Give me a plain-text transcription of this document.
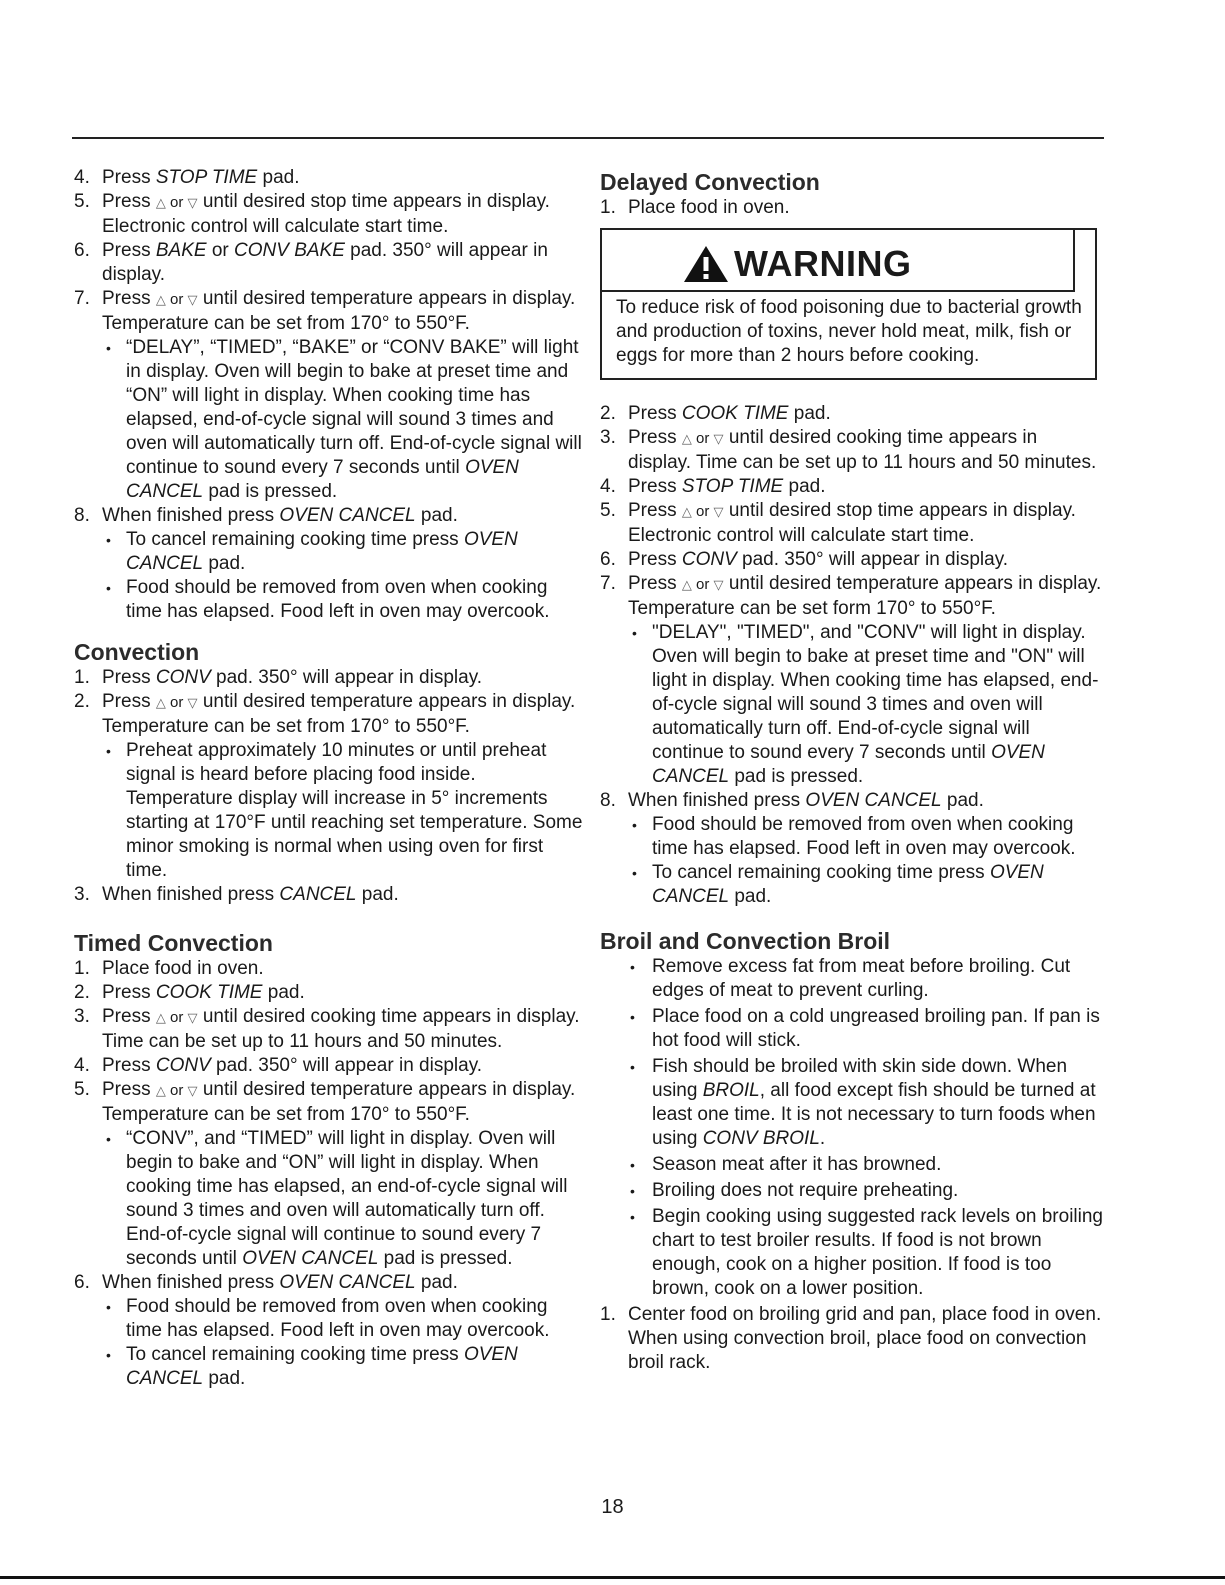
4. Press STOP TIME pad.
5. Press △ or ▽ until desired stop time appears in display. Electronic control will calculate start time.
6. Press BAKE or CONV BAKE pad. 350° will appear in display.
7. Press △ or ▽ until desired temperature appears in display. Temperature can be set from 170° to 550°F.
• “DELAY”, “TIMED”, “BAKE” or “CONV BAKE” will light in display. Oven will begin to bake at preset time and “ON” will light in display. When cooking time has elapsed, end-of-cycle signal will sound 3 times and oven will automatically turn off. End-of-cycle signal will continue to sound every 7 seconds until OVEN CANCEL pad is pressed.
8. When finished press OVEN CANCEL pad.
• To cancel remaining cooking time press OVEN CANCEL pad.
• Food should be removed from oven when cooking time has elapsed. Food left in oven may overcook.
Convection
1. Press CONV pad. 350° will appear in display.
2. Press △ or ▽ until desired temperature appears in display. Temperature can be set from 170° to 550°F.
• Preheat approximately 10 minutes or until preheat signal is heard before placing food inside. Temperature display will increase in 5° increments starting at 170°F until reaching set temperature. Some minor smoking is normal when using oven for first time.
3. When finished press CANCEL pad.
Timed Convection
1. Place food in oven.
2. Press COOK TIME pad.
3. Press △ or ▽ until desired cooking time appears in display. Time can be set up to 11 hours and 50 minutes.
4. Press CONV pad. 350° will appear in display.
5. Press △ or ▽ until desired temperature appears in display. Temperature can be set from 170° to 550°F.
• “CONV”, and “TIMED” will light in display. Oven will begin to bake and “ON” will light in display. When cooking time has elapsed, an end-of-cycle signal will sound 3 times and oven will automatically turn off. End-of-cycle signal will continue to sound every 7 seconds until OVEN CANCEL pad is pressed.
6. When finished press OVEN CANCEL pad.
• Food should be removed from oven when cooking time has elapsed. Food left in oven may overcook.
• To cancel remaining cooking time press OVEN CANCEL pad.
Delayed Convection
1. Place food in oven.
WARNING

To reduce risk of food poisoning due to bacterial growth and production of toxins, never hold meat, milk, fish or eggs for more than 2 hours before cooking.

2. Press COOK TIME pad.
3. Press △ or ▽ until desired cooking time appears in display. Time can be set up to 11 hours and 50 minutes.
4. Press STOP TIME pad.
5. Press △ or ▽ until desired stop time appears in display. Electronic control will calculate start time.
6. Press CONV pad. 350° will appear in display.
7. Press △ or ▽ until desired temperature appears in display. Temperature can be set form 170° to 550°F.
• "DELAY", "TIMED", and "CONV" will light in display. Oven will begin to bake at preset time and "ON" will light in display. When cooking time has elapsed, end-of-cycle signal will sound 3 times and oven will automatically turn off. End-of-cycle signal will continue to sound every 7 seconds until OVEN CANCEL pad is pressed.
8. When finished press OVEN CANCEL pad.
• Food should be removed from oven when cooking time has elapsed. Food left in oven may overcook.
• To cancel remaining cooking time press OVEN CANCEL pad.
Broil and Convection Broil
• Remove excess fat from meat before broiling. Cut edges of meat to prevent curling.
• Place food on a cold ungreased broiling pan. If pan is hot food will stick.
• Fish should be broiled with skin side down. When using BROIL, all food except fish should be turned at least one time. It is not necessary to turn foods when using CONV BROIL.
• Season meat after it has browned.
• Broiling does not require preheating.
• Begin cooking using suggested rack levels on broiling chart to test broiler results. If food is not brown enough, cook on a higher position. If food is too brown, cook on a lower position.
1. Center food on broiling grid and pan, place food in oven. When using convection broil, place food on convection broil rack.
18
